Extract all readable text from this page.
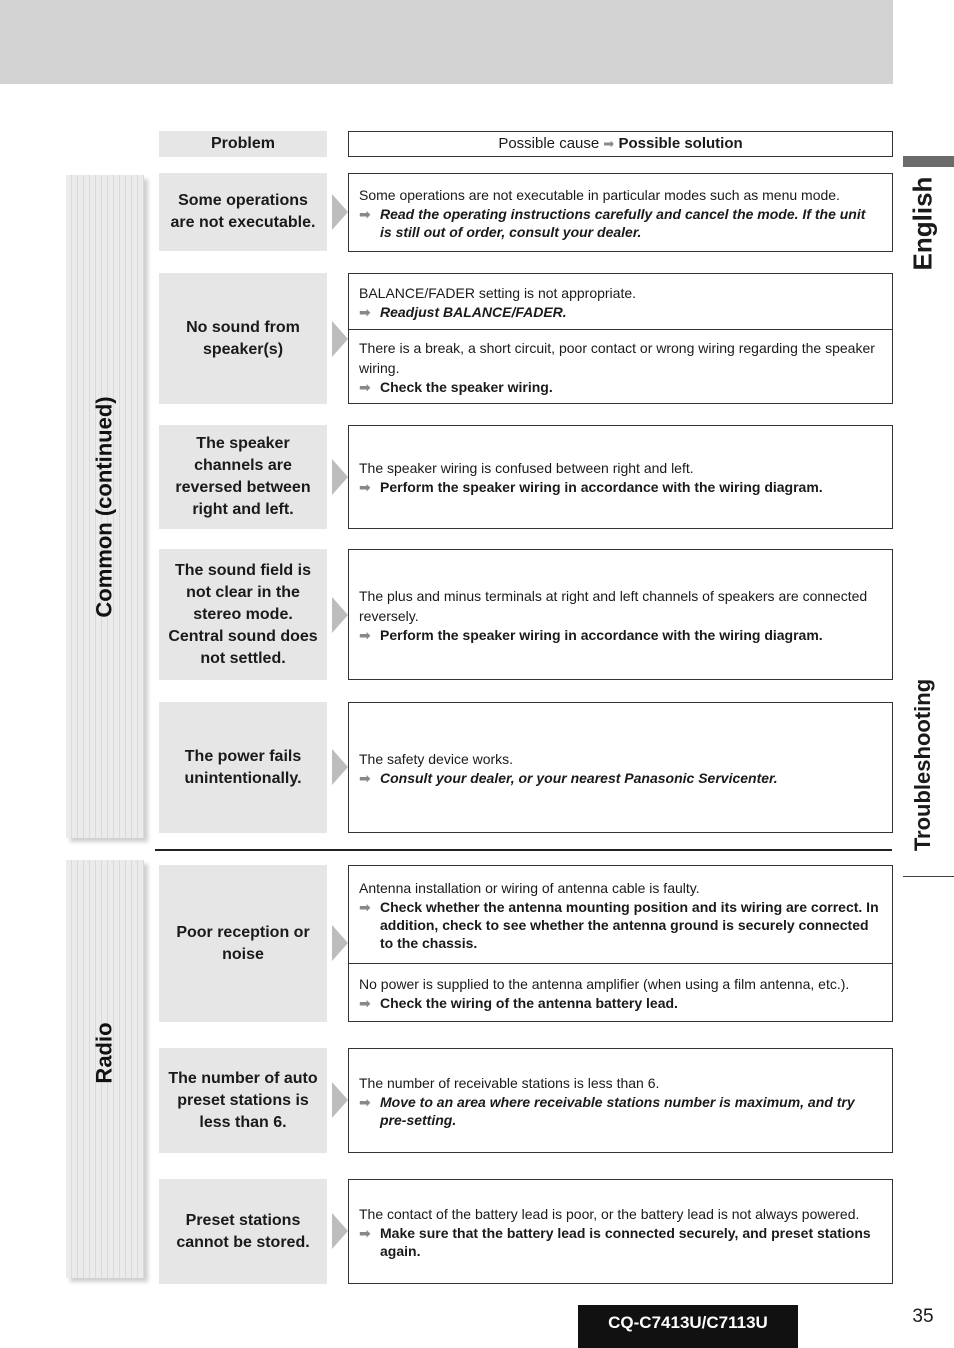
Problem	Possible cause ➡ Possible solution
Common (continued)
Radio
Some operations are not executable.
Some operations are not executable in particular modes such as menu mode.
➡ Read the operating instructions carefully and cancel the mode. If the unit is still out of order, consult your dealer.
No sound from speaker(s)
BALANCE/FADER setting is not appropriate.
➡ Readjust BALANCE/FADER.
There is a break, a short circuit, poor contact or wrong wiring regarding the speaker wiring.
➡ Check the speaker wiring.
The speaker channels are reversed between right and left.
The speaker wiring is confused between right and left.
➡ Perform the speaker wiring in accordance with the wiring diagram.
The sound field is not clear in the stereo mode. Central sound does not settled.
The plus and minus terminals at right and left channels of speakers are connected reversely.
➡ Perform the speaker wiring in accordance with the wiring diagram.
The power fails unintentionally.
The safety device works.
➡ Consult your dealer, or your nearest Panasonic Servicenter.
Poor reception or noise
Antenna installation or wiring of antenna cable is faulty.
➡ Check whether the antenna mounting position and its wiring are correct. In addition, check to see whether the antenna ground is securely connected to the chassis.
No power is supplied to the antenna amplifier (when using a film antenna, etc.).
➡ Check the wiring of the antenna battery lead.
The number of auto preset stations is less than 6.
The number of receivable stations is less than 6.
➡ Move to an area where receivable stations number is maximum, and try pre-setting.
Preset stations cannot be stored.
The contact of the battery lead is poor, or the battery lead is not always powered.
➡ Make sure that the battery lead is connected securely, and preset stations again.
English
Troubleshooting
CQ-C7413U/C7113U	35
